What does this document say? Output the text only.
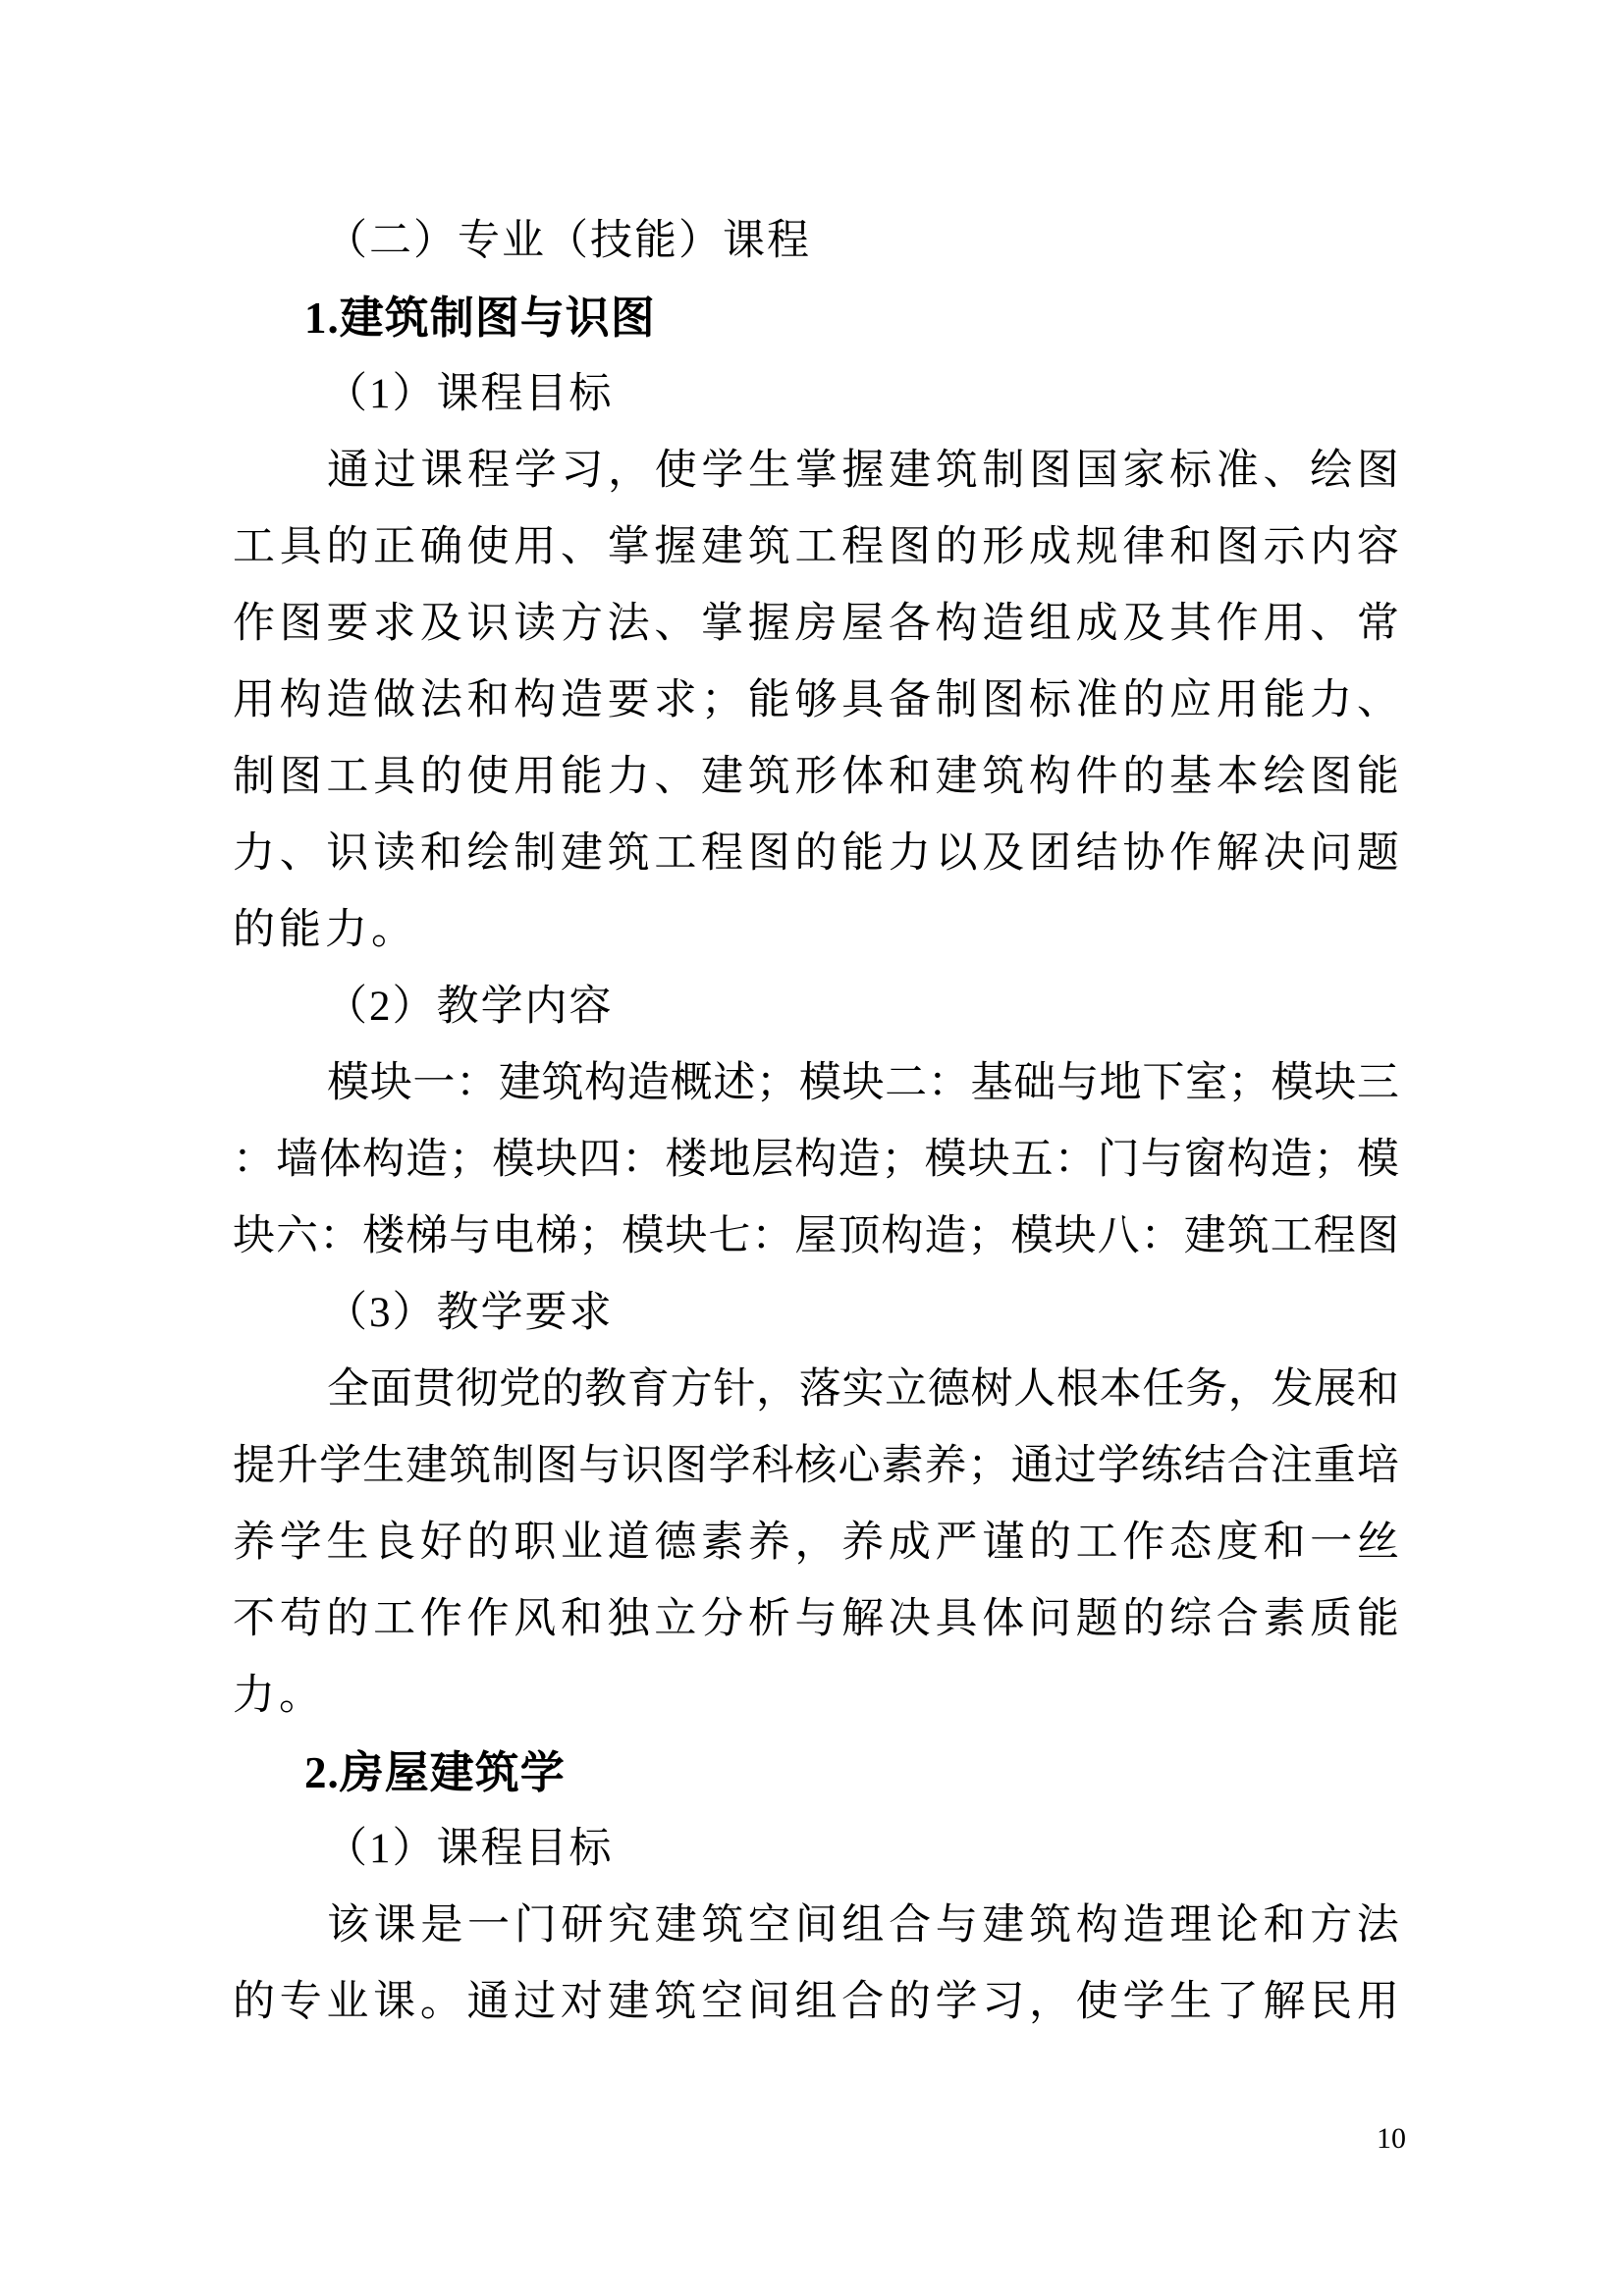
（二）专业（技能）课程
1.建筑制图与识图
（1）课程目标
通 过 课 程 学 习 ， 使 学 生 掌 握 建 筑 制 图 国 家 标 准 、 绘 图
工 具 的 正 确 使 用 、 掌 握 建 筑 工 程 图 的 形 成 规 律 和 图 示 内 容
作 图 要 求 及 识 读 方 法 、 掌 握 房 屋 各 构 造 组 成 及 其 作 用 、 常
用 构 造 做 法 和 构 造 要 求 ； 能 够 具 备 制 图 标 准 的 应 用 能 力 、
制 图 工 具 的 使 用 能 力 、 建 筑 形 体 和 建 筑 构 件 的 基 本 绘 图 能
力 、 识 读 和 绘 制 建 筑 工 程 图 的 能 力 以 及 团 结 协 作 解 决 问 题
的能力。
（2）教学内容
模 块 一 ： 建 筑 构 造 概 述 ； 模 块 二 ： 基 础 与 地 下 室 ； 模 块 三
： 墙 体 构 造 ； 模 块 四 ： 楼 地 层 构 造 ； 模 块 五 ： 门 与 窗 构 造 ； 模
块 六 ： 楼 梯 与 电 梯 ； 模 块 七 ： 屋 顶 构 造 ； 模 块 八 ： 建 筑 工 程 图
（3）教学要求
全 面 贯 彻 党 的 教 育 方 针 ， 落 实 立 德 树 人 根 本 任 务 ， 发 展 和
提 升 学 生 建 筑 制 图 与 识 图 学 科 核 心 素 养 ； 通 过 学 练 结 合 注 重 培
养 学 生 良 好 的 职 业 道 德 素 养 ， 养 成 严 谨 的 工 作 态 度 和 一 丝
不 苟 的 工 作 作 风 和 独 立 分 析 与 解 决 具 体 问 题 的 综 合 素 质 能
力。
2.房屋建筑学
（1）课程目标
该 课 是 一 门 研 究 建 筑 空 间 组 合 与 建 筑 构 造 理 论 和 方 法
的 专 业 课 。 通 过 对 建 筑 空 间 组 合 的 学 习 ， 使 学 生 了 解 民 用
10
